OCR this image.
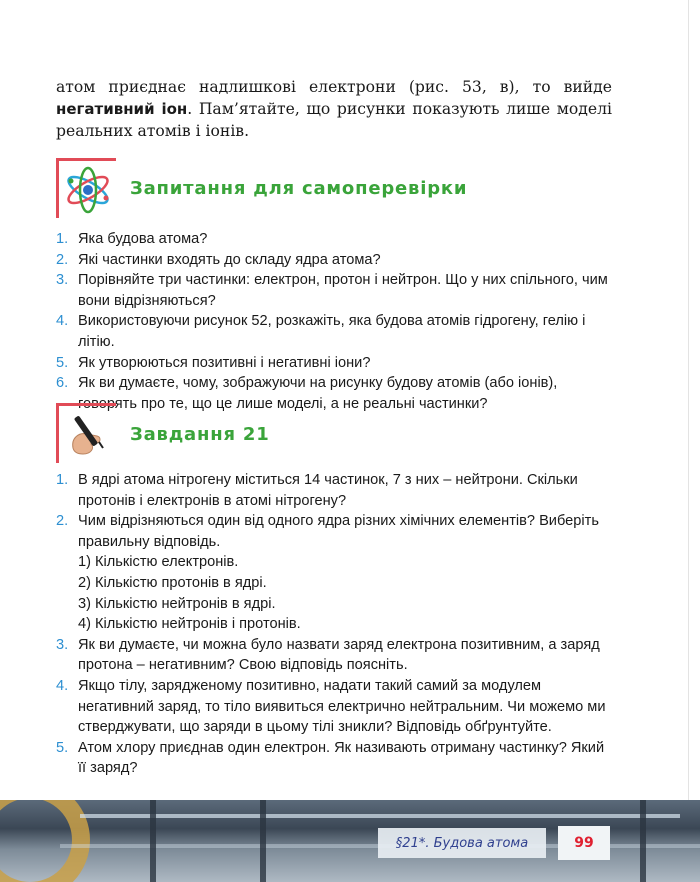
атом приєднає надлишкові електрони (рис. 53, в), то вийде негативний іон. Пам’ятайте, що рисунки показують лише моделі реальних атомів і іонів.

Запитання для самоперевірки
1. Яка будова атома?
2. Які частинки входять до складу ядра атома?
3. Порівняйте три частинки: електрон, протон і нейтрон. Що у них спільного, чим вони відрізняються?
4. Використовуючи рисунок 52, розкажіть, яка будова атомів гідрогену, гелію і літію.
5. Як утворюються позитивні і негативні іони?
6. Як ви думаєте, чому, зображуючи на рисунку будову атомів (або іонів), говорять про те, що це лише моделі, а не реальні частинки?
Завдання 21
1. В ядрі атома нітрогену міститься 14 частинок, 7 з них – нейтрони. Скільки протонів і електронів в атомі нітрогену?
2. Чим відрізняються один від одного ядра різних хімічних елементів? Виберіть правильну відповідь.
1) Кількістю електронів.
2) Кількістю протонів в ядрі.
3) Кількістю нейтронів в ядрі.
4) Кількістю нейтронів і протонів.
3. Як ви думаєте, чи можна було назвати заряд електрона позитивним, а заряд протона – негативним? Свою відповідь поясніть.
4. Якщо тілу, зарядженому позитивно, надати такий самий за модулем негативний заряд, то тіло виявиться електрично нейтральним. Чи можемо ми стверджувати, що заряди в цьому тілі зникли? Відповідь обґрунтуйте.
5. Атом хлору приєднав один електрон. Як називають отриману частинку? Який її заряд?
§21*. Будова атома	99
